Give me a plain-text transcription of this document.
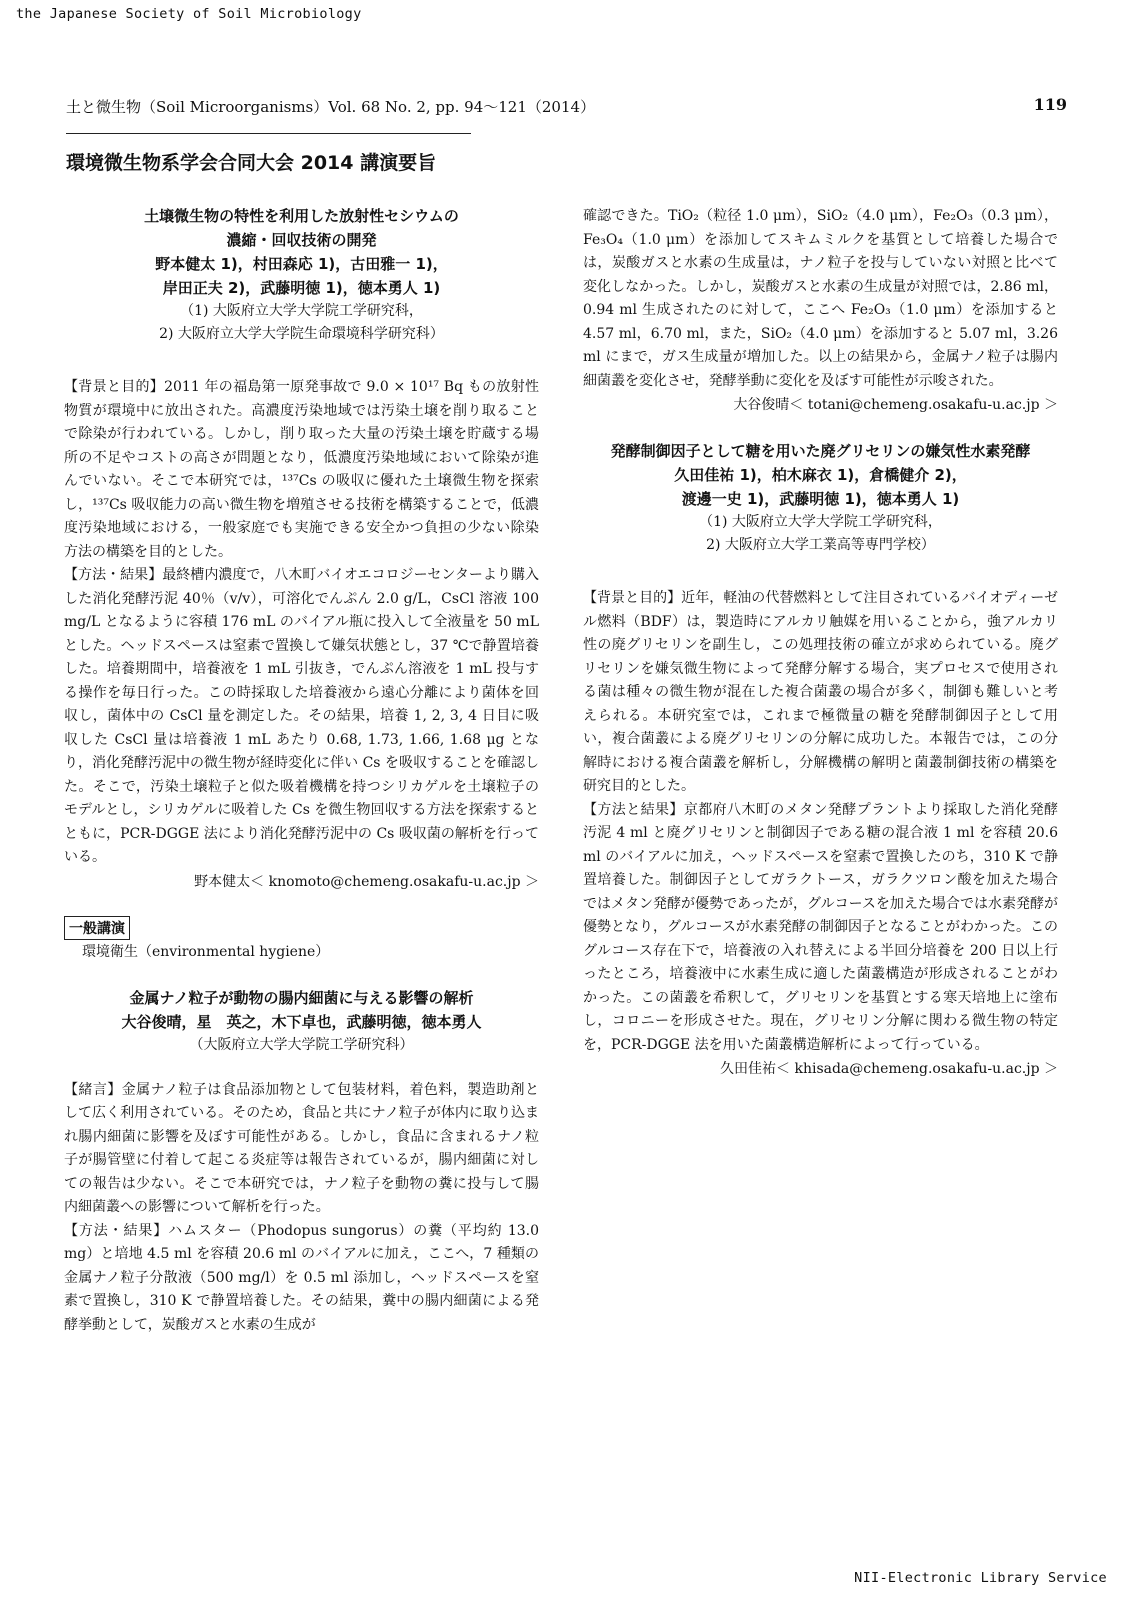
the Japanese Society of Soil Microbiology
土と微生物（Soil Microorganisms）Vol. 68 No. 2, pp. 94～121（2014）	119
環境微生物系学会合同大会 2014 講演要旨
土壌微生物の特性を利用した放射性セシウムの
濃縮・回収技術の開発
野本健太 1)，村田森応 1)，古田雅一 1)，
岸田正夫 2)，武藤明徳 1)，徳本勇人 1)
（1) 大阪府立大学大学院工学研究科，
2) 大阪府立大学大学院生命環境科学研究科）

【背景と目的】2011 年の福島第一原発事故で 9.0 × 10¹⁷ Bq もの放射性物質が環境中に放出された。高濃度汚染地域では汚染土壌を削り取ることで除染が行われている。しかし，削り取った大量の汚染土壌を貯蔵する場所の不足やコストの高さが問題となり，低濃度汚染地域において除染が進んでいない。そこで本研究では，¹³⁷Cs の吸収に優れた土壌微生物を探索し，¹³⁷Cs 吸収能力の高い微生物を増殖させる技術を構築することで，低濃度汚染地域における，一般家庭でも実施できる安全かつ負担の少ない除染方法の構築を目的とした。

【方法・結果】最終槽内濃度で，八木町バイオエコロジーセンターより購入した消化発酵汚泥 40％（v/v），可溶化でんぷん 2.0 g/L，CsCl 溶液 100 mg/L となるように容積 176 mL のバイアル瓶に投入して全液量を 50 mL とした。ヘッドスペースは窒素で置換して嫌気状態とし，37 ℃で静置培養した。培養期間中，培養液を 1 mL 引抜き，でんぷん溶液を 1 mL 投与する操作を毎日行った。この時採取した培養液から遠心分離により菌体を回収し，菌体中の CsCl 量を測定した。その結果，培養 1, 2, 3, 4 日目に吸収した CsCl 量は培養液 1 mL あたり 0.68, 1.73, 1.66, 1.68 μg となり，消化発酵汚泥中の微生物が経時変化に伴い Cs を吸収することを確認した。そこで，汚染土壌粒子と似た吸着機構を持つシリカゲルを土壌粒子のモデルとし，シリカゲルに吸着した Cs を微生物回収する方法を探索するとともに，PCR‐DGGE 法により消化発酵汚泥中の Cs 吸収菌の解析を行っている。

野本健太＜ knomoto@chemeng.osakafu‐u.ac.jp ＞
一般講演
環境衛生（environmental hygiene）
金属ナノ粒子が動物の腸内細菌に与える影響の解析
大谷俊晴，星　英之，木下卓也，武藤明徳，徳本勇人
（大阪府立大学大学院工学研究科）

【緒言】金属ナノ粒子は食品添加物として包装材料，着色料，製造助剤として広く利用されている。そのため，食品と共にナノ粒子が体内に取り込まれ腸内細菌に影響を及ぼす可能性がある。しかし，食品に含まれるナノ粒子が腸管壁に付着して起こる炎症等は報告されているが，腸内細菌に対しての報告は少ない。そこで本研究では，ナノ粒子を動物の糞に投与して腸内細菌叢への影響について解析を行った。

【方法・結果】ハムスター（Phodopus sungorus）の糞（平均約 13.0 mg）と培地 4.5 ml を容積 20.6 ml のバイアルに加え，ここへ，7 種類の金属ナノ粒子分散液（500 mg/l）を 0.5 ml 添加し，ヘッドスペースを窒素で置換し，310 K で静置培養した。その結果，糞中の腸内細菌による発酵挙動として，炭酸ガスと水素の生成が

確認できた。TiO₂（粒径 1.0 μm），SiO₂（4.0 μm），Fe₂O₃（0.3 μm），Fe₃O₄（1.0 μm）を添加してスキムミルクを基質として培養した場合では，炭酸ガスと水素の生成量は，ナノ粒子を投与していない対照と比べて変化しなかった。しかし，炭酸ガスと水素の生成量が対照では，2.86 ml，0.94 ml 生成されたのに対して，ここへ Fe₂O₃（1.0 μm）を添加すると 4.57 ml，6.70 ml，また，SiO₂（4.0 μm）を添加すると 5.07 ml，3.26 ml にまで，ガス生成量が増加した。以上の結果から，金属ナノ粒子は腸内細菌叢を変化させ，発酵挙動に変化を及ぼす可能性が示唆された。

大谷俊晴＜ totani@chemeng.osakafu‐u.ac.jp ＞
発酵制御因子として糖を用いた廃グリセリンの嫌気性水素発酵
久田佳祐 1)，柏木麻衣 1)，倉橋健介 2)，
渡邊一史 1)，武藤明徳 1)，徳本勇人 1)
（1) 大阪府立大学大学院工学研究科，
2) 大阪府立大学工業高等専門学校）

【背景と目的】近年，軽油の代替燃料として注目されているバイオディーゼル燃料（BDF）は，製造時にアルカリ触媒を用いることから，強アルカリ性の廃グリセリンを副生し，この処理技術の確立が求められている。廃グリセリンを嫌気微生物によって発酵分解する場合，実プロセスで使用される菌は種々の微生物が混在した複合菌叢の場合が多く，制御も難しいと考えられる。本研究室では，これまで極微量の糖を発酵制御因子として用い，複合菌叢による廃グリセリンの分解に成功した。本報告では，この分解時における複合菌叢を解析し，分解機構の解明と菌叢制御技術の構築を研究目的とした。

【方法と結果】京都府八木町のメタン発酵プラントより採取した消化発酵汚泥 4 ml と廃グリセリンと制御因子である糖の混合液 1 ml を容積 20.6 ml のバイアルに加え，ヘッドスペースを窒素で置換したのち，310 K で静置培養した。制御因子としてガラクトース，ガラクツロン酸を加えた場合ではメタン発酵が優勢であったが，グルコースを加えた場合では水素発酵が優勢となり，グルコースが水素発酵の制御因子となることがわかった。このグルコース存在下で，培養液の入れ替えによる半回分培養を 200 日以上行ったところ，培養液中に水素生成に適した菌叢構造が形成されることがわかった。この菌叢を希釈して，グリセリンを基質とする寒天培地上に塗布し，コロニーを形成させた。現在，グリセリン分解に関わる微生物の特定を，PCR‐DGGE 法を用いた菌叢構造解析によって行っている。

久田佳祐＜ khisada@chemeng.osakafu‐u.ac.jp ＞
NII-Electronic Library Service
